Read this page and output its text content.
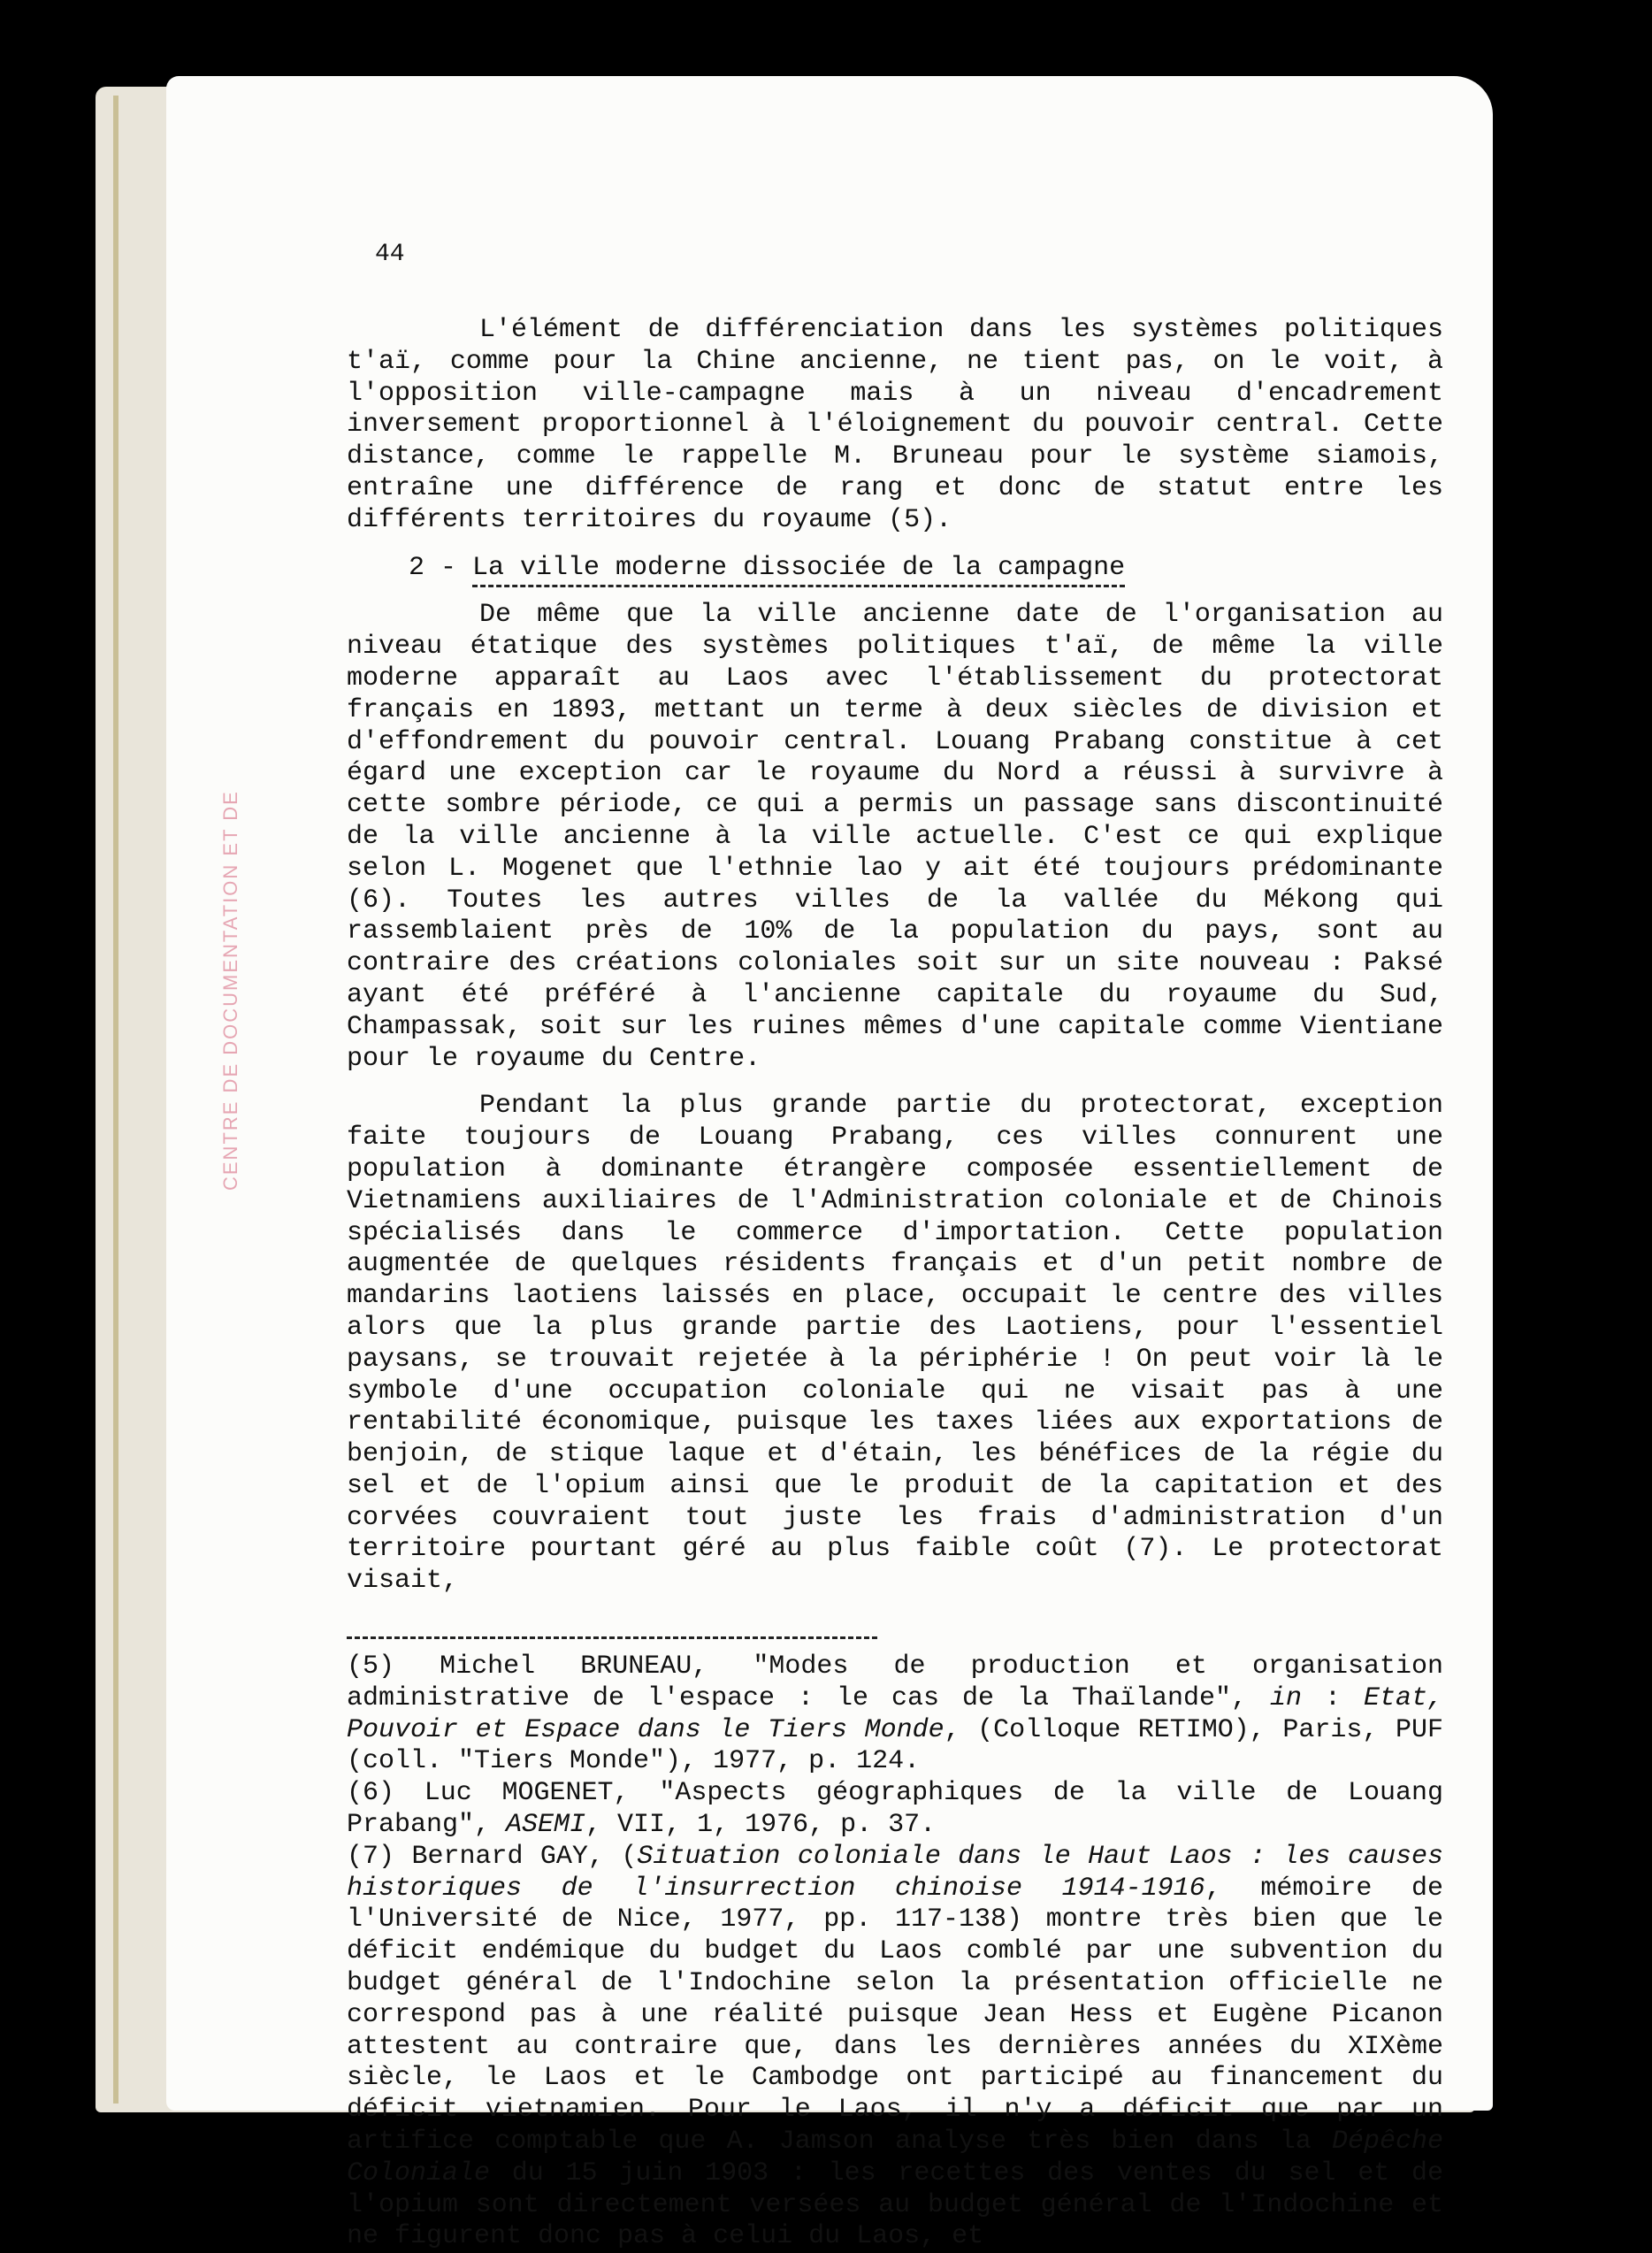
CENTRE DE DOCUMENTATION ET DE
44

L'élément de différenciation dans les systèmes politiques t'aï, comme pour la Chine ancienne, ne tient pas, on le voit, à l'opposition ville-campagne mais à un niveau d'encadrement inversement proportionnel à l'éloignement du pouvoir central. Cette distance, comme le rappelle M. Bruneau pour le système siamois, entraîne une différence de rang et donc de statut entre les différents territoires du royaume (5).

2 - La ville moderne dissociée de la campagne

De même que la ville ancienne date de l'organisation au niveau étatique des systèmes politiques t'aï, de même la ville moderne apparaît au Laos avec l'établissement du protectorat français en 1893, mettant un terme à deux siècles de division et d'effondrement du pouvoir central. Louang Prabang constitue à cet égard une exception car le royaume du Nord a réussi à survivre à cette sombre période, ce qui a permis un passage sans discontinuité de la ville ancienne à la ville actuelle. C'est ce qui explique selon L. Mogenet que l'ethnie lao y ait été toujours prédominante (6). Toutes les autres villes de la vallée du Mékong qui rassemblaient près de 10% de la population du pays, sont au contraire des créations coloniales soit sur un site nouveau : Paksé ayant été préféré à l'ancienne capitale du royaume du Sud, Champassak, soit sur les ruines mêmes d'une capitale comme Vientiane pour le royaume du Centre.

Pendant la plus grande partie du protectorat, exception faite toujours de Louang Prabang, ces villes connurent une population à dominante étrangère composée essentiellement de Vietnamiens auxiliaires de l'Administration coloniale et de Chinois spécialisés dans le commerce d'importation. Cette population augmentée de quelques résidents français et d'un petit nombre de mandarins laotiens laissés en place, occupait le centre des villes alors que la plus grande partie des Laotiens, pour l'essentiel paysans, se trouvait rejetée à la périphérie ! On peut voir là le symbole d'une occupation coloniale qui ne visait pas à une rentabilité économique, puisque les taxes liées aux exportations de benjoin, de stique laque et d'étain, les bénéfices de la régie du sel et de l'opium ainsi que le produit de la capitation et des corvées couvraient tout juste les frais d'administration d'un territoire pourtant géré au plus faible coût (7). Le protectorat visait,

(5) Michel BRUNEAU, "Modes de production et organisation administrative de l'espace : le cas de la Thaïlande", in : Etat, Pouvoir et Espace dans le Tiers Monde, (Colloque RETIMO), Paris, PUF (coll. "Tiers Monde"), 1977, p. 124.

(6) Luc MOGENET, "Aspects géographiques de la ville de Louang Prabang", ASEMI, VII, 1, 1976, p. 37.

(7) Bernard GAY, (Situation coloniale dans le Haut Laos : les causes historiques de l'insurrection chinoise 1914-1916, mémoire de l'Université de Nice, 1977, pp. 117-138) montre très bien que le déficit endémique du budget du Laos comblé par une subvention du budget général de l'Indochine selon la présentation officielle ne correspond pas à une réalité puisque Jean Hess et Eugène Picanon attestent au contraire que, dans les dernières années du XIXème siècle, le Laos et le Cambodge ont participé au financement du déficit vietnamien. Pour le Laos, il n'y a déficit que par un artifice comptable que A. Jamson analyse très bien dans la Dépêche Coloniale du 15 juin 1903 : les recettes des ventes du sel et de l'opium sont directement versées au budget général de l'Indochine et ne figurent donc pas à celui du Laos, et
